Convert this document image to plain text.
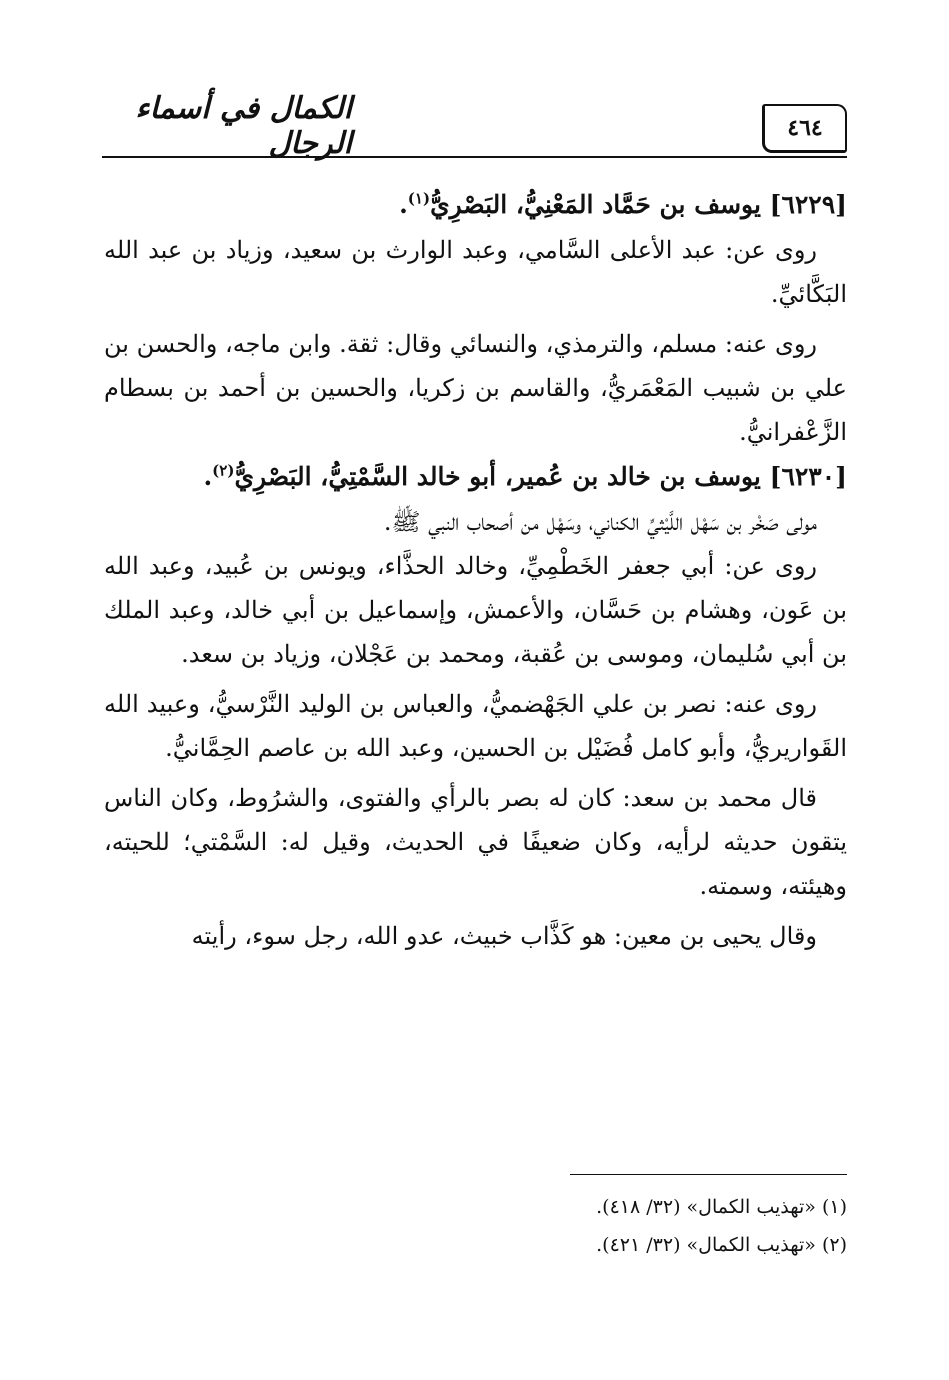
الكمال في أسماء الرجال	٤٦٤

[٦٢٢٩] يوسف بن حَمَّاد المَعْنِيُّ، البَصْرِيُّ$^{(١)}$.

روى عن: عبد الأعلى السَّامي، وعبد الوارث بن سعيد، وزياد بن عبد الله البَكَّائيِّ.

روى عنه: مسلم، والترمذي، والنسائي وقال: ثقة. وابن ماجه، والحسن بن علي بن شبيب المَعْمَريُّ، والقاسم بن زكريا، والحسين بن أحمد بن بسطام الزَّعْفرانيُّ.

[٦٢٣٠] يوسف بن خالد بن عُمير، أبو خالد السَّمْتِيُّ، البَصْرِيُّ$^{(٢)}$.

مولى صَخْر بن سَهْل اللَّيْثيِّ الكناني، وسَهْل من أصحاب النبي ﷺ.

روى عن: أبي جعفر الخَطْمِيِّ، وخالد الحذَّاء، ويونس بن عُبيد، وعبد الله بن عَون، وهشام بن حَسَّان، والأعمش، وإسماعيل بن أبي خالد، وعبد الملك بن أبي سُليمان، وموسى بن عُقبة، ومحمد بن عَجْلان، وزياد بن سعد.

روى عنه: نصر بن علي الجَهْضميُّ، والعباس بن الوليد النَّرْسيُّ، وعبيد الله القَواريريُّ، وأبو كامل فُضَيْل بن الحسين، وعبد الله بن عاصم الحِمَّانيُّ.

قال محمد بن سعد: كان له بصر بالرأي والفتوى، والشرُوط، وكان الناس يتقون حديثه لرأيه، وكان ضعيفًا في الحديث، وقيل له: السَّمْتي؛ للحيته، وهيئته، وسمته.

وقال يحيى بن معين: هو كَذَّاب خبيث، عدو الله، رجل سوء، رأيته

(١) «تهذيب الكمال» (٣٢/ ٤١٨).

(٢) «تهذيب الكمال» (٣٢/ ٤٢١).
